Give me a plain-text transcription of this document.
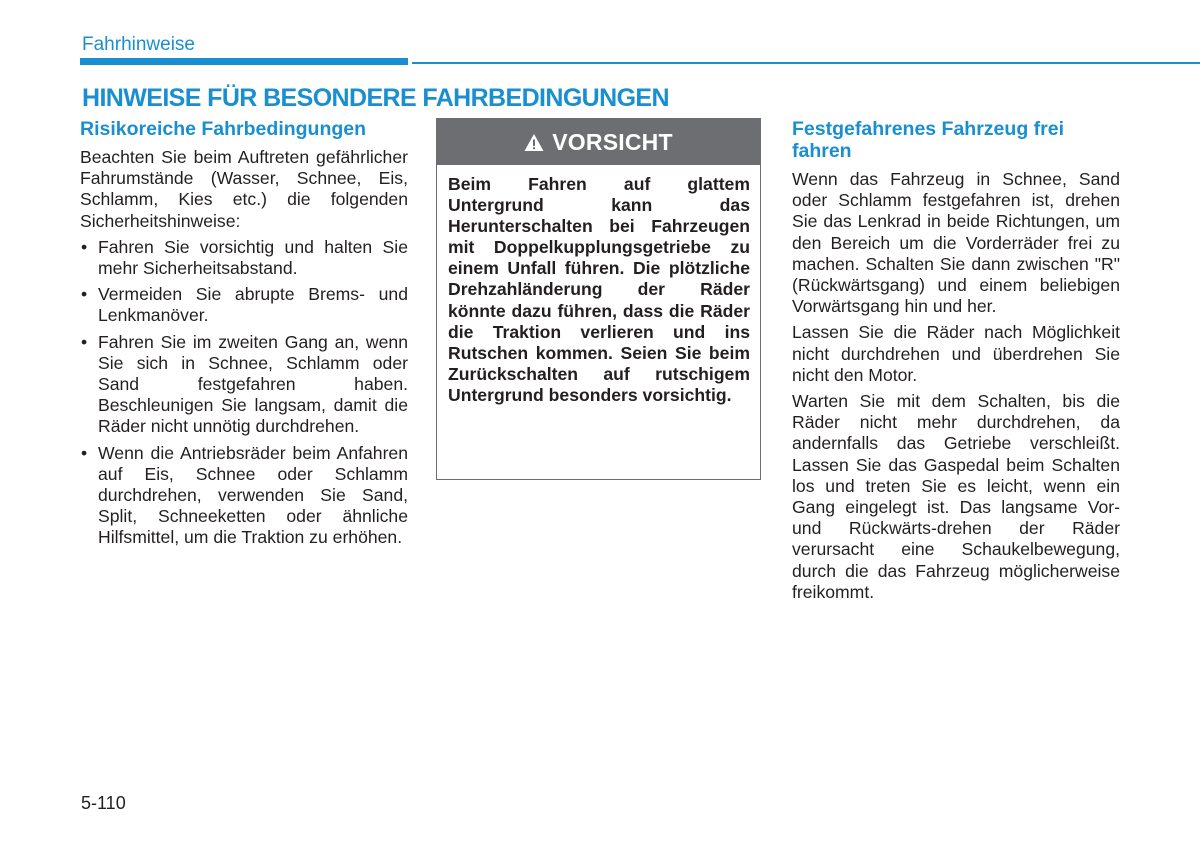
Fahrhinweise
HINWEISE FÜR BESONDERE FAHRBEDINGUNGEN
Risikoreiche Fahrbedingungen

Beachten Sie beim Auftreten gefährlicher Fahrumstände (Wasser, Schnee, Eis, Schlamm, Kies etc.) die folgenden Sicherheitshinweise:

• Fahren Sie vorsichtig und halten Sie mehr Sicherheitsabstand.
• Vermeiden Sie abrupte Brems- und Lenkmanöver.
• Fahren Sie im zweiten Gang an, wenn Sie sich in Schnee, Schlamm oder Sand festgefahren haben. Beschleunigen Sie langsam, damit die Räder nicht unnötig durchdrehen.
• Wenn die Antriebsräder beim Anfahren auf Eis, Schnee oder Schlamm durchdrehen, verwenden Sie Sand, Split, Schneeketten oder ähnliche Hilfsmittel, um die Traktion zu erhöhen.
VORSICHT
Beim Fahren auf glattem Untergrund kann das Herunterschalten bei Fahrzeugen mit Doppelkupplungsgetriebe zu einem Unfall führen. Die plötzliche Drehzahländerung der Räder könnte dazu führen, dass die Räder die Traktion verlieren und ins Rutschen kommen. Seien Sie beim Zurückschalten auf rutschigem Untergrund besonders vorsichtig.
Festgefahrenes Fahrzeug frei fahren

Wenn das Fahrzeug in Schnee, Sand oder Schlamm festgefahren ist, drehen Sie das Lenkrad in beide Richtungen, um den Bereich um die Vorderräder frei zu machen. Schalten Sie dann zwischen "R" (Rückwärtsgang) und einem beliebigen Vorwärtsgang hin und her.

Lassen Sie die Räder nach Möglichkeit nicht durchdrehen und überdrehen Sie nicht den Motor.

Warten Sie mit dem Schalten, bis die Räder nicht mehr durchdrehen, da andernfalls das Getriebe verschleißt. Lassen Sie das Gaspedal beim Schalten los und treten Sie es leicht, wenn ein Gang eingelegt ist. Das langsame Vor- und Rückwärts-drehen der Räder verursacht eine Schaukelbewegung, durch die das Fahrzeug möglicherweise freikommt.

5-110
